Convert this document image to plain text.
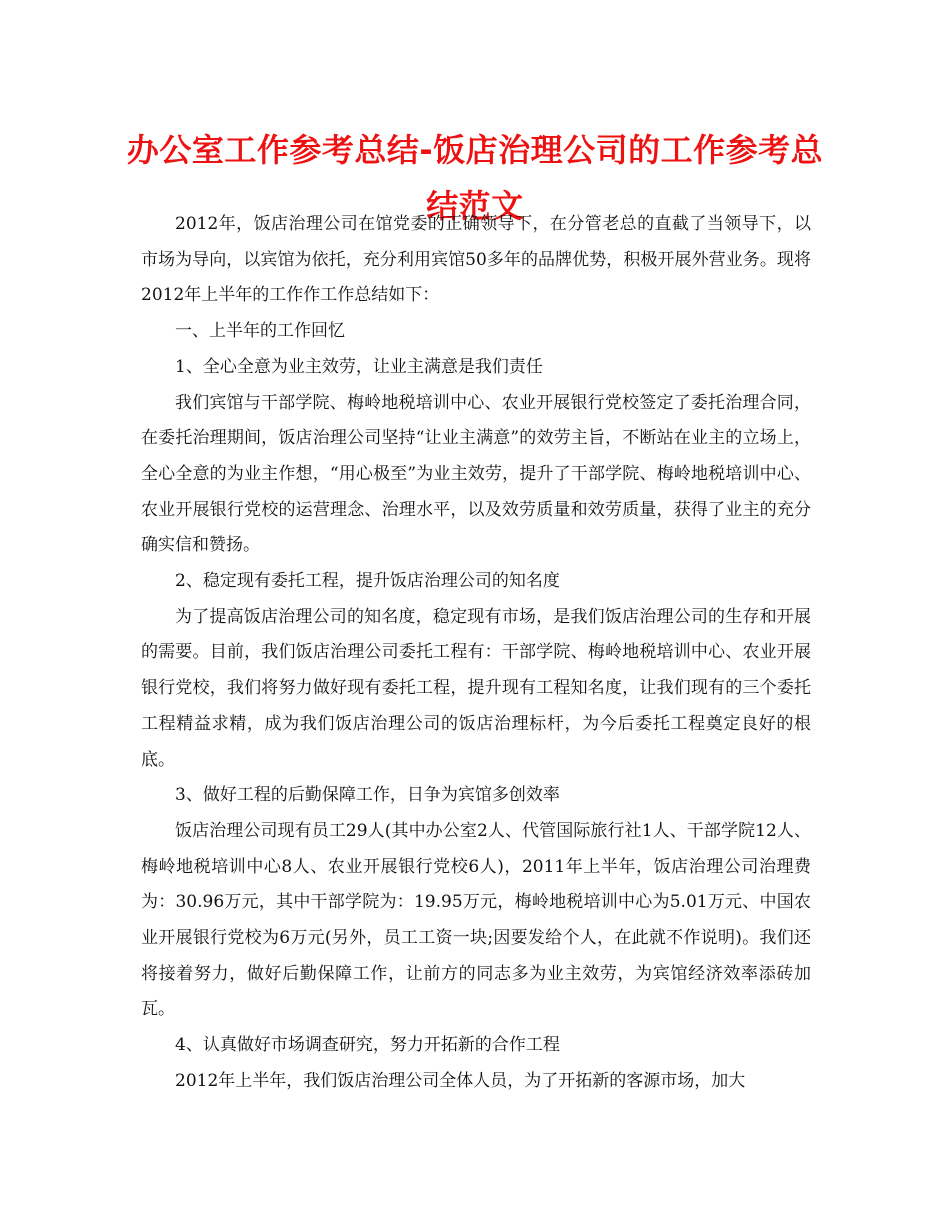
办公室工作参考总结-饭店治理公司的工作参考总结范文

2012年，饭店治理公司在馆党委的正确领导下，在分管老总的直截了当领导下，以市场为导向，以宾馆为依托，充分利用宾馆50多年的品牌优势，积极开展外营业务。现将2012年上半年的工作作工作总结如下：

一、上半年的工作回忆

1、全心全意为业主效劳，让业主满意是我们责任

我们宾馆与干部学院、梅岭地税培训中心、农业开展银行党校签定了委托治理合同，在委托治理期间，饭店治理公司坚持“让业主满意”的效劳主旨，不断站在业主的立场上，全心全意的为业主作想，“用心极至”为业主效劳，提升了干部学院、梅岭地税培训中心、农业开展银行党校的运营理念、治理水平，以及效劳质量和效劳质量，获得了业主的充分确实信和赞扬。

2、稳定现有委托工程，提升饭店治理公司的知名度

为了提高饭店治理公司的知名度，稳定现有市场，是我们饭店治理公司的生存和开展的需要。目前，我们饭店治理公司委托工程有：干部学院、梅岭地税培训中心、农业开展银行党校，我们将努力做好现有委托工程，提升现有工程知名度，让我们现有的三个委托工程精益求精，成为我们饭店治理公司的饭店治理标杆，为今后委托工程奠定良好的根底。

3、做好工程的后勤保障工作，日争为宾馆多创效率

饭店治理公司现有员工29人(其中办公室2人、代管国际旅行社1人、干部学院12人、梅岭地税培训中心8人、农业开展银行党校6人)，2011年上半年，饭店治理公司治理费为：30.96万元，其中干部学院为：19.95万元，梅岭地税培训中心为5.01万元、中国农业开展银行党校为6万元(另外，员工工资一块;因要发给个人，在此就不作说明)。我们还将接着努力，做好后勤保障工作，让前方的同志多为业主效劳，为宾馆经济效率添砖加瓦。

4、认真做好市场调查研究，努力开拓新的合作工程

2012年上半年，我们饭店治理公司全体人员，为了开拓新的客源市场，加大
